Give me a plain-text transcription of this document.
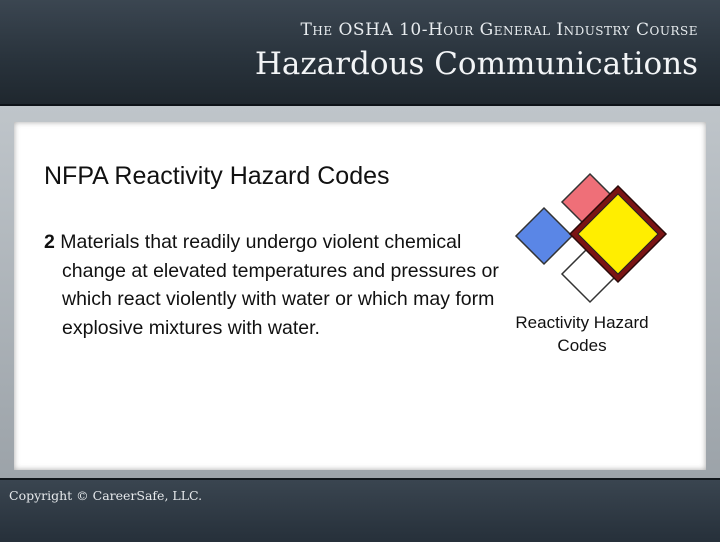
The OSHA 10-Hour General Industry Course
Hazardous Communications
NFPA Reactivity Hazard Codes
2 Materials that readily undergo violent chemical change at elevated temperatures and pressures or which react violently with water or which may form explosive mixtures with water.	Reactivity Hazard Codes
Copyright © CareerSafe, LLC.
